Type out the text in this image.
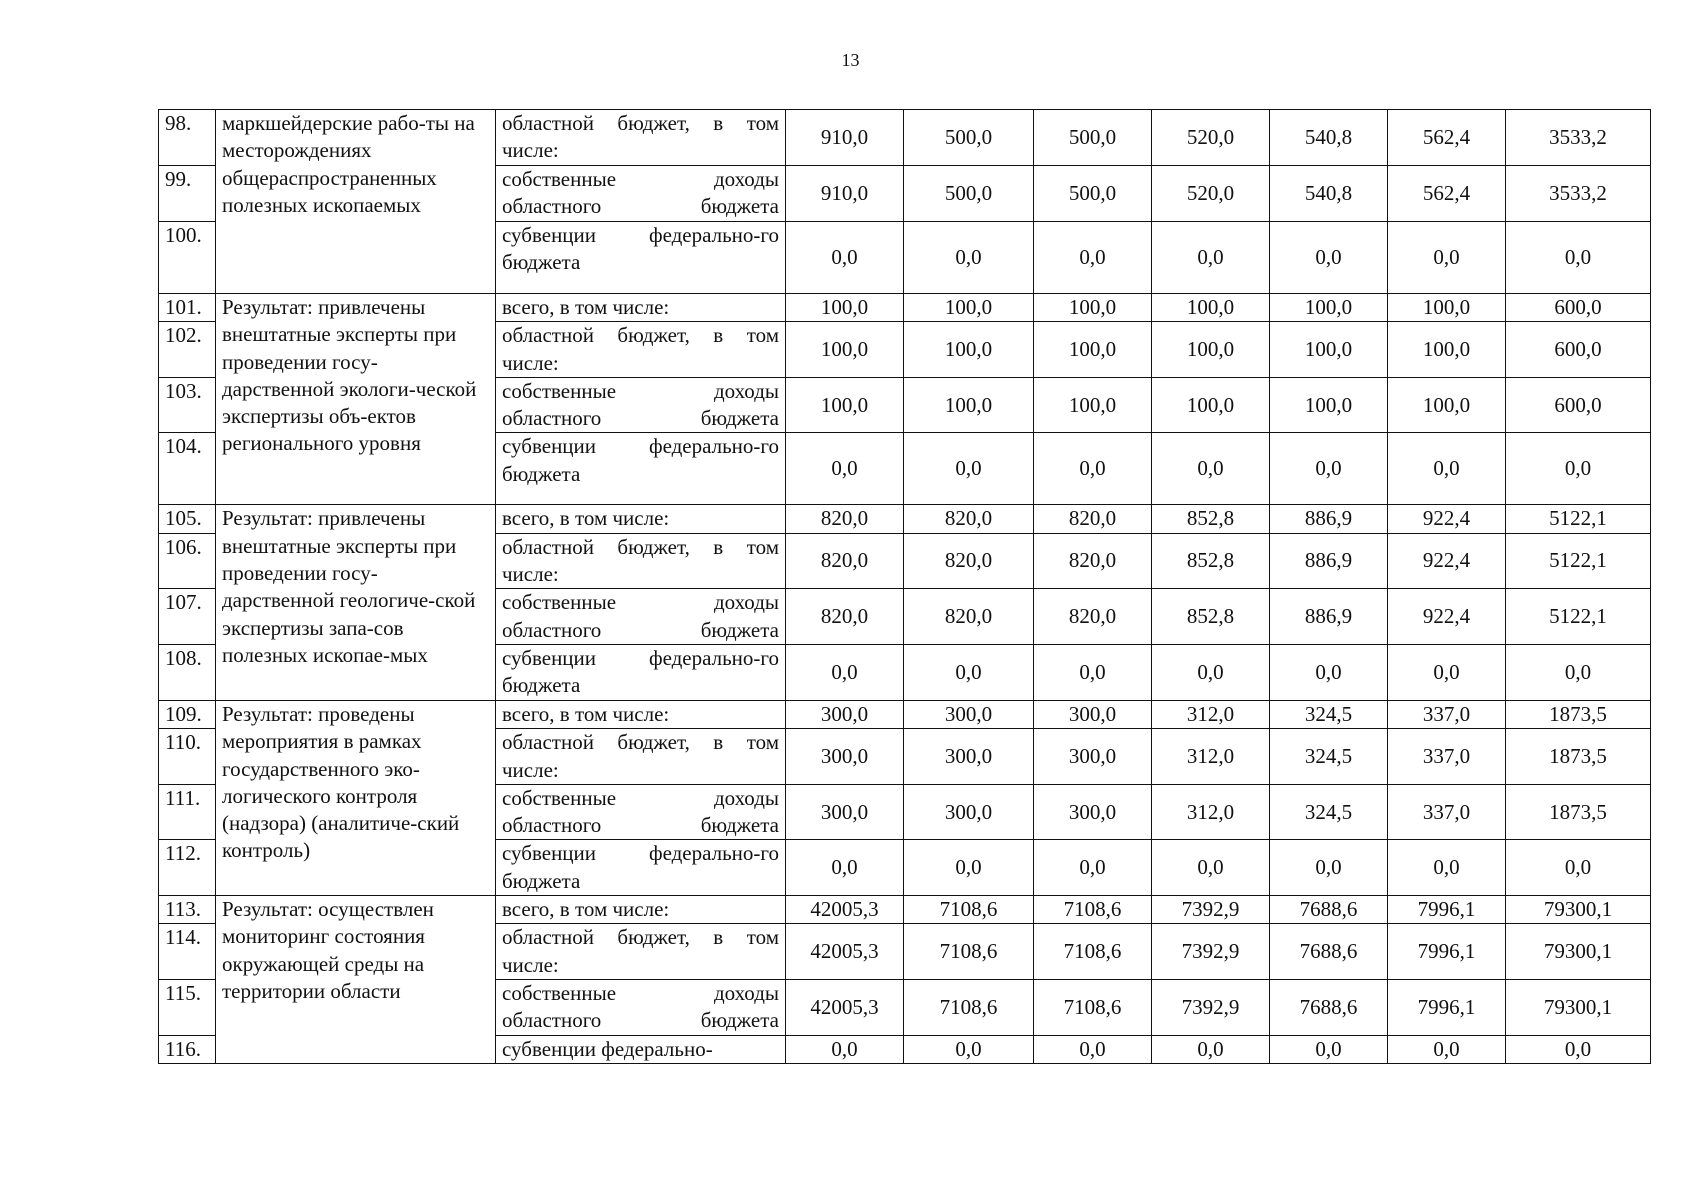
13
98.	маркшейдерские рабо-ты на месторождениях общераспространенных полезных ископаемых	областной бюджет, в том числе:	910,0	500,0	500,0	520,0	540,8	562,4	3533,2
99.		собственные доходы областного бюджета	910,0	500,0	500,0	520,0	540,8	562,4	3533,2
100.		субвенции федерально-го бюджета	0,0	0,0	0,0	0,0	0,0	0,0	0,0
101.	Результат: привлечены внештатные эксперты при проведении госу-дарственной экологи-ческой экспертизы объ-ектов регионального уровня	всего, в том числе:	100,0	100,0	100,0	100,0	100,0	100,0	600,0
102.		областной бюджет, в том числе:	100,0	100,0	100,0	100,0	100,0	100,0	600,0
103.		собственные доходы областного бюджета	100,0	100,0	100,0	100,0	100,0	100,0	600,0
104.		субвенции федерально-го бюджета	0,0	0,0	0,0	0,0	0,0	0,0	0,0
105.	Результат: привлечены внештатные эксперты при проведении госу-дарственной геологиче-ской экспертизы запа-сов полезных ископае-мых	всего, в том числе:	820,0	820,0	820,0	852,8	886,9	922,4	5122,1
106.		областной бюджет, в том числе:	820,0	820,0	820,0	852,8	886,9	922,4	5122,1
107.		собственные доходы областного бюджета	820,0	820,0	820,0	852,8	886,9	922,4	5122,1
108.		субвенции федерально-го бюджета	0,0	0,0	0,0	0,0	0,0	0,0	0,0
109.	Результат: проведены мероприятия в рамках государственного эко-логического контроля (надзора) (аналитиче-ский контроль)	всего, в том числе:	300,0	300,0	300,0	312,0	324,5	337,0	1873,5
110.		областной бюджет, в том числе:	300,0	300,0	300,0	312,0	324,5	337,0	1873,5
111.		собственные доходы областного бюджета	300,0	300,0	300,0	312,0	324,5	337,0	1873,5
112.		субвенции федерально-го бюджета	0,0	0,0	0,0	0,0	0,0	0,0	0,0
113.	Результат: осуществлен мониторинг состояния окружающей среды на территории области	всего, в том числе:	42005,3	7108,6	7108,6	7392,9	7688,6	7996,1	79300,1
114.		областной бюджет, в том числе:	42005,3	7108,6	7108,6	7392,9	7688,6	7996,1	79300,1
115.		собственные доходы областного бюджета	42005,3	7108,6	7108,6	7392,9	7688,6	7996,1	79300,1
116.		субвенции федерально-	0,0	0,0	0,0	0,0	0,0	0,0	0,0
